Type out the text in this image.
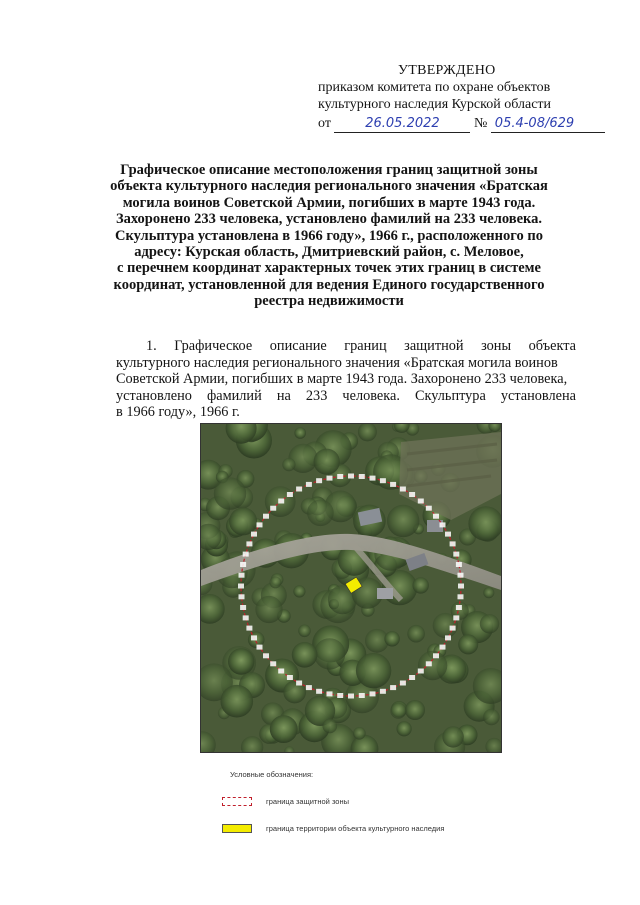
УТВЕРЖДЕНО
приказом комитета по охране объектов
культурного наследия Курской области
от	26.05.2022 № 05.4-08/629
Графическое описание местоположения границ защитной зоны
объекта культурного наследия регионального значения «Братская
могила воинов Советской Армии, погибших в марте 1943 года.
Захоронено 233 человека, установлено фамилий на 233 человека.
Скульптура установлена в 1966 году», 1966 г., расположенного по
адресу: Курская область, Дмитриевский район, с. Меловое,
с перечнем координат характерных точек этих границ в системе
координат, установленной для ведения Единого государственного
реестра недвижимости
1. Графическое описание границ защитной зоны объекта
культурного наследия регионального значения «Братская могила воинов
Советской Армии, погибших в марте 1943 года. Захоронено 233 человека,
установлено фамилий на 233 человека. Скульптура установлена
в 1966 году», 1966 г.
Условные обозначения:
граница защитной зоны
граница территории объекта культурного наследия
